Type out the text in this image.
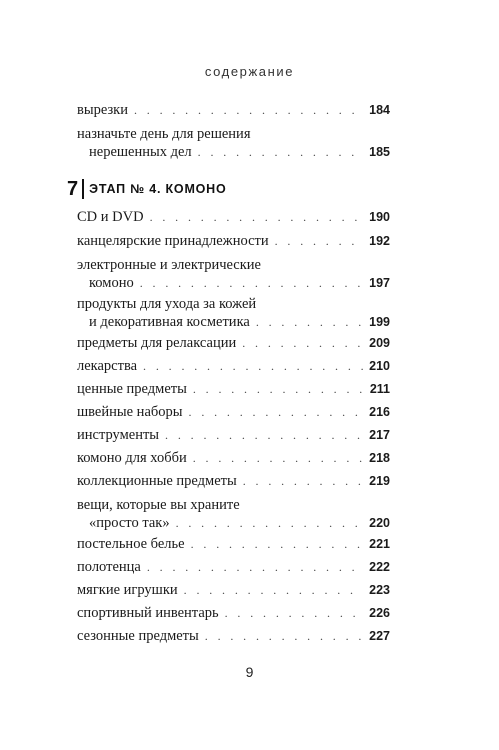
содержание
вырезки . . .	184
назначьте день для решения
нерешенных дел . . .	185
7 ЭТАП № 4. КОМОНО
CD и DVD . . .	190
канцелярские принадлежности . . .	192
электронные и электрические
комоно . . .	197
продукты для ухода за кожей
и декоративная косметика . . .	199
предметы для релаксации . . .	209
лекарства . . .	210
ценные предметы . . .	211
швейные наборы . . .	216
инструменты . . .	217
комоно для хобби . . .	218
коллекционные предметы . . .	219
вещи, которые вы храните
«просто так» . . .	220
постельное белье . . .	221
полотенца . . .	222
мягкие игрушки . . .	223
спортивный инвентарь . . .	226
сезонные предметы . . .	227
9
